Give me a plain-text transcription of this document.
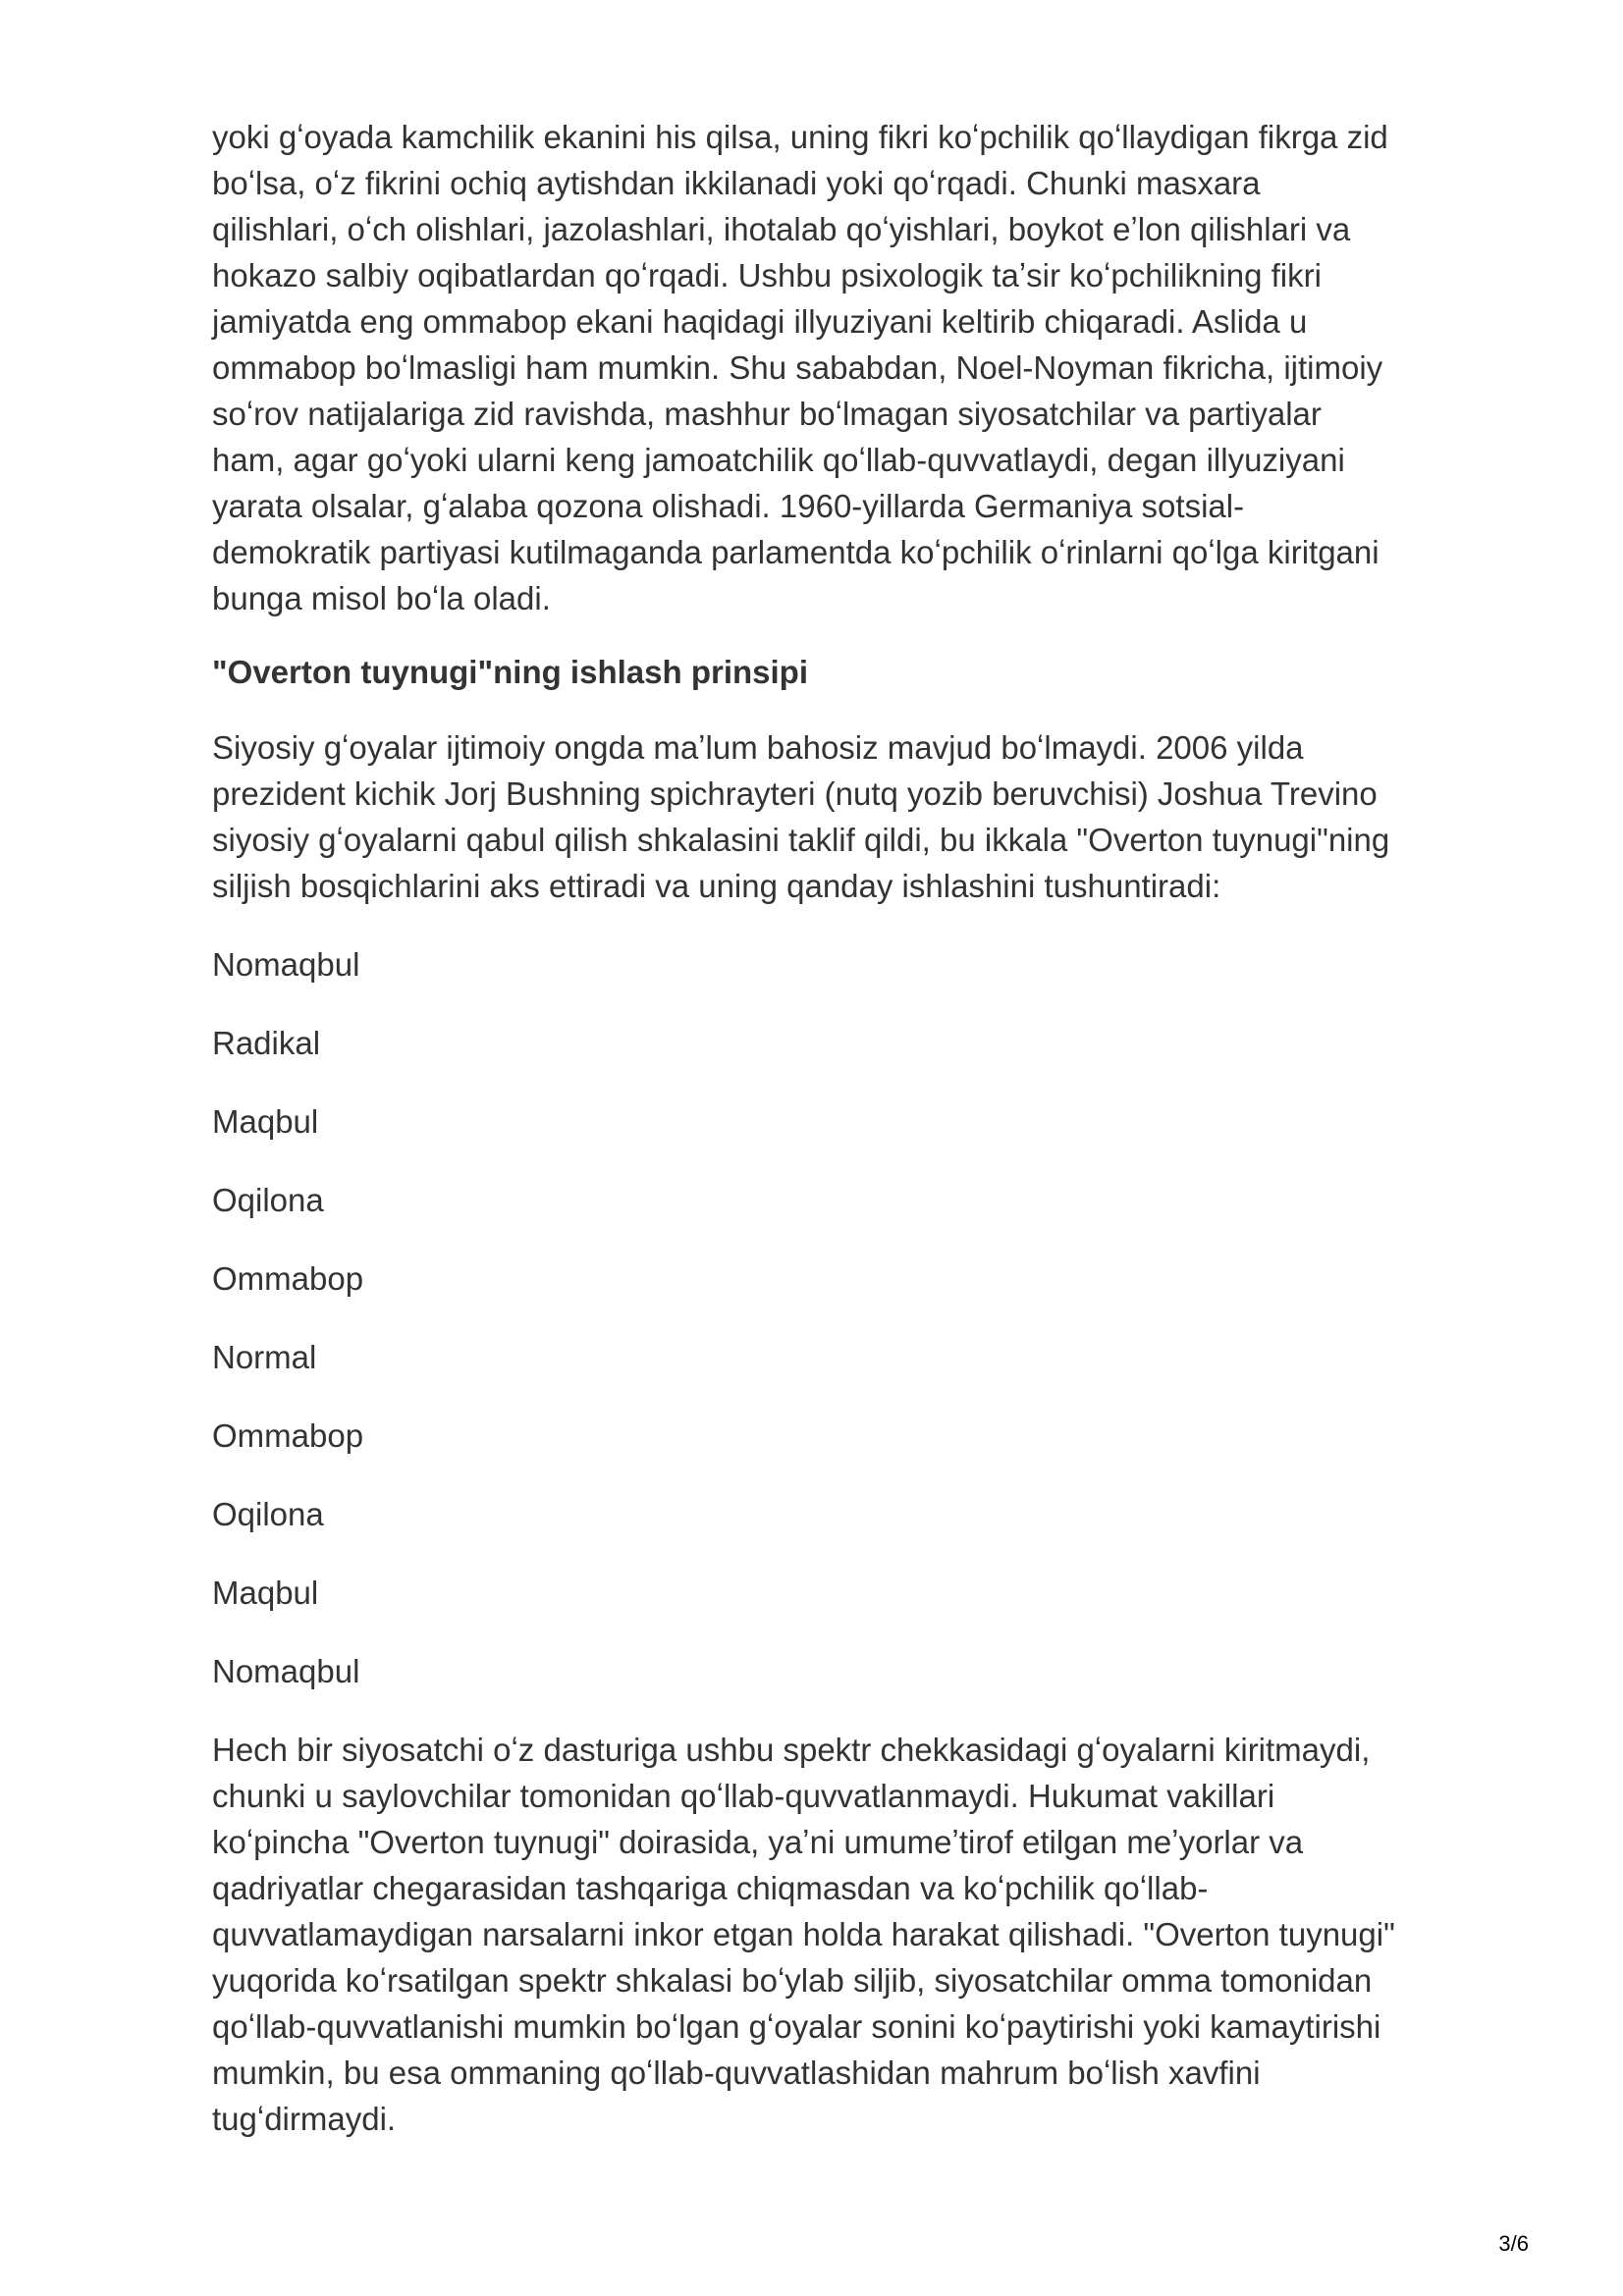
yoki gʻoyada kamchilik ekanini his qilsa, uning fikri koʻpchilik qoʻllaydigan fikrga zid
boʻlsa, oʻz fikrini ochiq aytishdan ikkilanadi yoki qoʻrqadi. Chunki masxara
qilishlari, oʻch olishlari, jazolashlari, ihotalab qoʻyishlari, boykot eʼlon qilishlari va
hokazo salbiy oqibatlardan qoʻrqadi. Ushbu psixologik taʼsir koʻpchilikning fikri
jamiyatda eng ommabop ekani haqidagi illyuziyani keltirib chiqaradi. Aslida u
ommabop boʻlmasligi ham mumkin. Shu sababdan, Noel-Noyman fikricha, ijtimoiy
soʻrov natijalariga zid ravishda, mashhur boʻlmagan siyosatchilar va partiyalar
ham, agar goʻyoki ularni keng jamoatchilik qoʻllab-quvvatlaydi, degan illyuziyani
yarata olsalar, gʻalaba qozona olishadi. 1960-yillarda Germaniya sotsial-
demokratik partiyasi kutilmaganda parlamentda koʻpchilik oʻrinlarni qoʻlga kiritgani
bunga misol boʻla oladi.

"Overton tuynugi"ning ishlash prinsipi

Siyosiy gʻoyalar ijtimoiy ongda maʼlum bahosiz mavjud boʻlmaydi. 2006 yilda
prezident kichik Jorj Bushning spichrayteri (nutq yozib beruvchisi) Joshua Trevino
siyosiy gʻoyalarni qabul qilish shkalasini taklif qildi, bu ikkala "Overton tuynugi"ning
siljish bosqichlarini aks ettiradi va uning qanday ishlashini tushuntiradi:

Nomaqbul

Radikal

Maqbul

Oqilona

Ommabop

Normal

Ommabop

Oqilona

Maqbul

Nomaqbul

Hech bir siyosatchi oʻz dasturiga ushbu spektr chekkasidagi gʻoyalarni kiritmaydi,
chunki u saylovchilar tomonidan qoʻllab-quvvatlanmaydi. Hukumat vakillari
koʻpincha "Overton tuynugi" doirasida, yaʼni umumeʼtirof etilgan meʼyorlar va
qadriyatlar chegarasidan tashqariga chiqmasdan va koʻpchilik qoʻllab-
quvvatlamaydigan narsalarni inkor etgan holda harakat qilishadi. "Overton tuynugi"
yuqorida koʻrsatilgan spektr shkalasi boʻylab siljib, siyosatchilar omma tomonidan
qoʻllab-quvvatlanishi mumkin boʻlgan gʻoyalar sonini koʻpaytirishi yoki kamaytirishi
mumkin, bu esa ommaning qoʻllab-quvvatlashidan mahrum boʻlish xavfini
tugʻdirmaydi.

3/6
